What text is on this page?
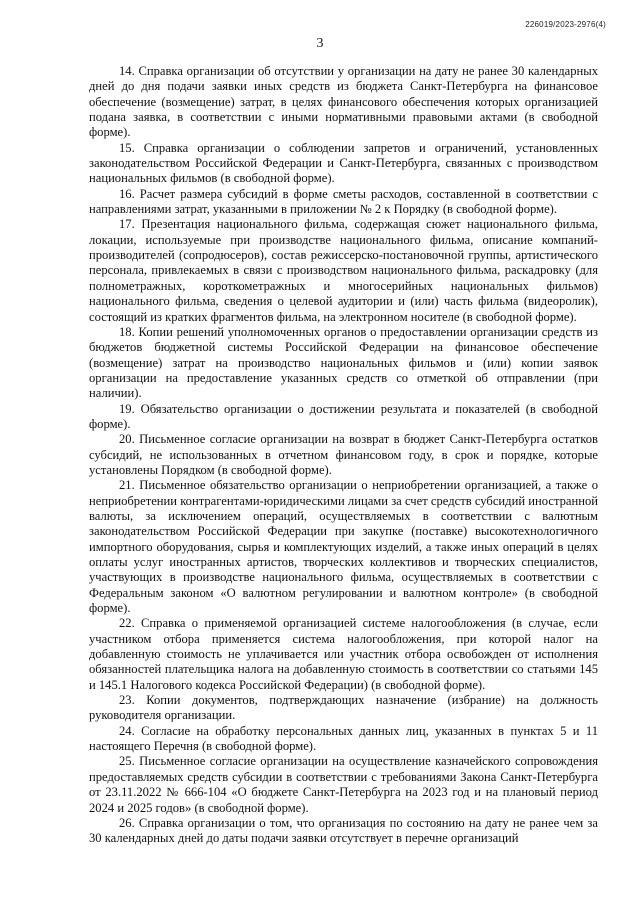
226019/2023-2976(4)
3

14. Справка организации об отсутствии у организации на дату не ранее 30 календарных дней до дня подачи заявки иных средств из бюджета Санкт-Петербурга на финансовое обеспечение (возмещение) затрат, в целях финансового обеспечения которых организацией подана заявка, в соответствии с иными нормативными правовыми актами (в свободной форме).

15. Справка организации о соблюдении запретов и ограничений, установленных законодательством Российской Федерации и Санкт-Петербурга, связанных с производством национальных фильмов (в свободной форме).

16. Расчет размера субсидий в форме сметы расходов, составленной в соответствии с направлениями затрат, указанными в приложении № 2 к Порядку (в свободной форме).

17. Презентация национального фильма, содержащая сюжет национального фильма, локации, используемые при производстве национального фильма, описание компаний-производителей (сопродюсеров), состав режиссерско-постановочной группы, артистического персонала, привлекаемых в связи с производством национального фильма, раскадровку (для полнометражных, короткометражных и многосерийных национальных фильмов) национального фильма, сведения о целевой аудитории и (или) часть фильма (видеоролик), состоящий из кратких фрагментов фильма, на электронном носителе (в свободной форме).

18. Копии решений уполномоченных органов о предоставлении организации средств из бюджетов бюджетной системы Российской Федерации на финансовое обеспечение (возмещение) затрат на производство национальных фильмов и (или) копии заявок организации на предоставление указанных средств со отметкой об отправлении (при наличии).

19. Обязательство организации о достижении результата и показателей (в свободной форме).

20. Письменное согласие организации на возврат в бюджет Санкт-Петербурга остатков субсидий, не использованных в отчетном финансовом году, в срок и порядке, которые установлены Порядком (в свободной форме).

21. Письменное обязательство организации о неприобретении организацией, а также о неприобретении контрагентами-юридическими лицами за счет средств субсидий иностранной валюты, за исключением операций, осуществляемых в соответствии с валютным законодательством Российской Федерации при закупке (поставке) высокотехнологичного импортного оборудования, сырья и комплектующих изделий, а также иных операций в целях оплаты услуг иностранных артистов, творческих коллективов и творческих специалистов, участвующих в производстве национального фильма, осуществляемых в соответствии с Федеральным законом «О валютном регулировании и валютном контроле» (в свободной форме).

22. Справка о применяемой организацией системе налогообложения (в случае, если участником отбора применяется система налогообложения, при которой налог на добавленную стоимость не уплачивается или участник отбора освобожден от исполнения обязанностей плательщика налога на добавленную стоимость в соответствии со статьями 145 и 145.1 Налогового кодекса Российской Федерации) (в свободной форме).

23. Копии документов, подтверждающих назначение (избрание) на должность руководителя организации.

24. Согласие на обработку персональных данных лиц, указанных в пунктах 5 и 11 настоящего Перечня (в свободной форме).

25. Письменное согласие организации на осуществление казначейского сопровождения предоставляемых средств субсидии в соответствии с требованиями Закона Санкт-Петербурга от 23.11.2022 № 666-104 «О бюджете Санкт-Петербурга на 2023 год и на плановый период 2024 и 2025 годов» (в свободной форме).

26. Справка организации о том, что организация по состоянию на дату не ранее чем за 30 календарных дней до даты подачи заявки отсутствует в перечне организаций
